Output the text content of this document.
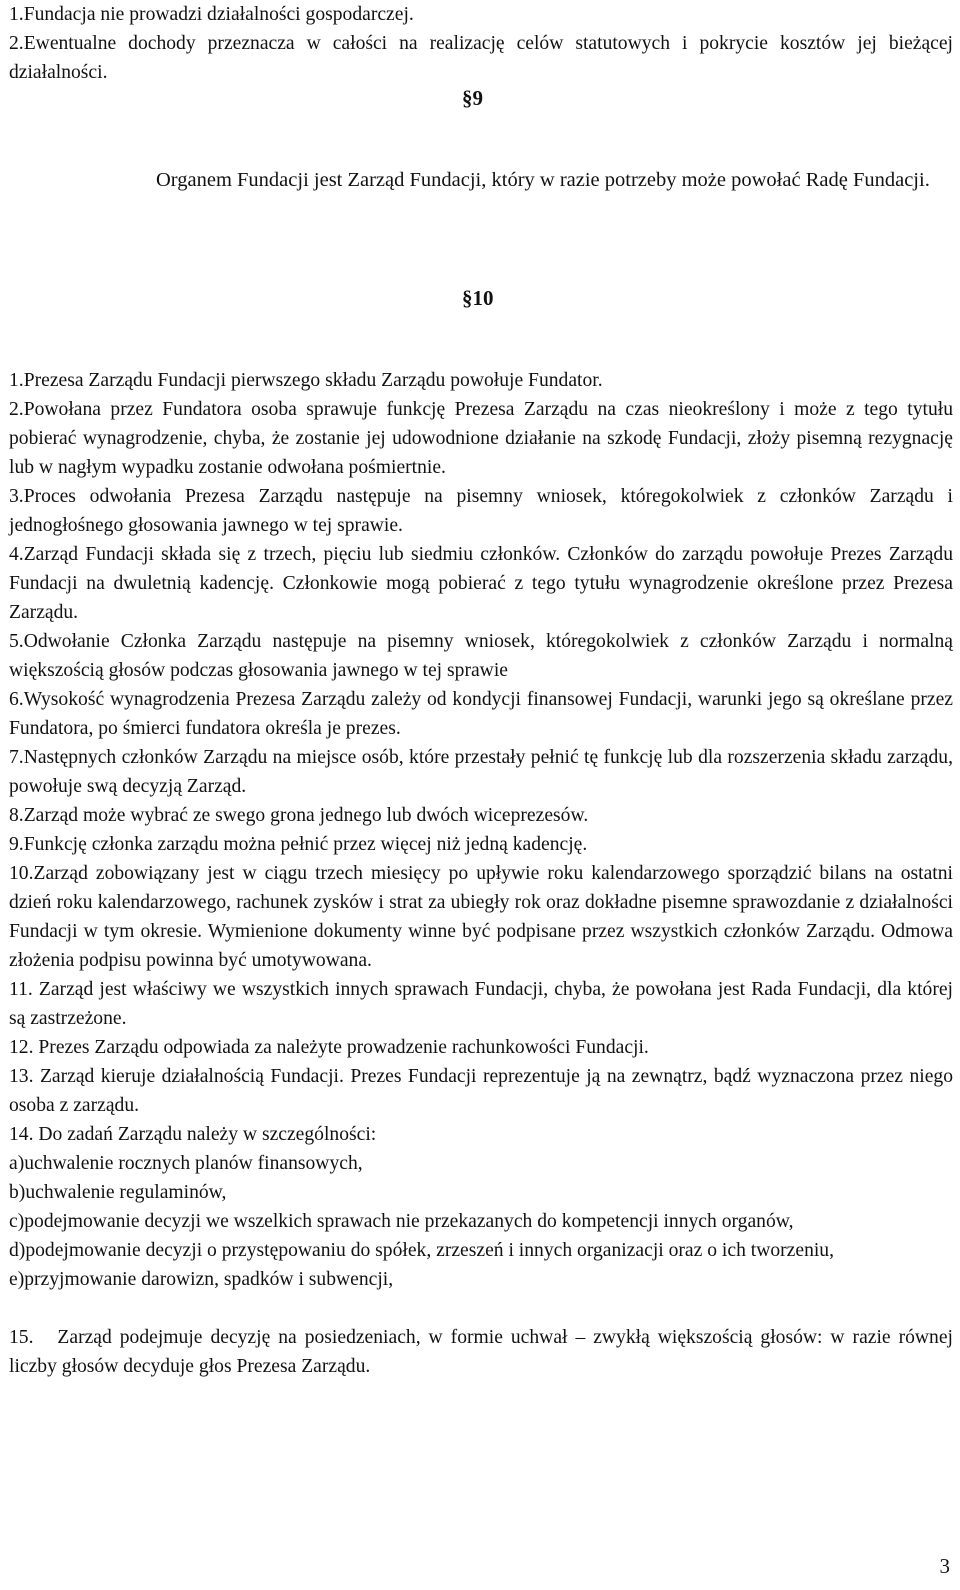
1.Fundacja nie prowadzi działalności gospodarczej.

2.Ewentualne dochody przeznacza w całości na realizację celów statutowych i pokrycie kosztów jej bieżącej działalności.

§9

Organem Fundacji jest Zarząd Fundacji, który w razie potrzeby może powołać Radę Fundacji.

§10

1.Prezesa Zarządu Fundacji pierwszego składu Zarządu powołuje Fundator.

2.Powołana przez Fundatora osoba sprawuje funkcję Prezesa Zarządu na czas nieokreślony i może z tego tytułu pobierać wynagrodzenie, chyba, że zostanie jej udowodnione działanie na szkodę Fundacji, złoży pisemną rezygnację lub w nagłym wypadku zostanie odwołana pośmiertnie.

3.Proces odwołania Prezesa Zarządu następuje na pisemny wniosek, któregokolwiek z członków Zarządu i jednogłośnego głosowania jawnego w tej sprawie.

4.Zarząd Fundacji składa się z trzech, pięciu lub siedmiu członków. Członków do zarządu powołuje Prezes Zarządu Fundacji na dwuletnią kadencję. Członkowie mogą pobierać z tego tytułu wynagrodzenie określone przez Prezesa Zarządu.

5.Odwołanie Członka Zarządu następuje na pisemny wniosek, któregokolwiek z członków Zarządu i normalną większością głosów podczas głosowania jawnego w tej sprawie

6.Wysokość wynagrodzenia Prezesa Zarządu zależy od kondycji finansowej Fundacji, warunki jego są określane przez Fundatora, po śmierci fundatora określa je prezes.

7.Następnych członków Zarządu na miejsce osób, które przestały pełnić tę funkcję lub dla rozszerzenia składu zarządu, powołuje swą decyzją Zarząd.

8.Zarząd może wybrać ze swego grona jednego lub dwóch wiceprezesów.

9.Funkcję członka zarządu można pełnić przez więcej niż jedną kadencję.

10.Zarząd zobowiązany jest w ciągu trzech miesięcy po upływie roku kalendarzowego sporządzić bilans na ostatni dzień roku kalendarzowego, rachunek zysków i strat za ubiegły rok oraz dokładne pisemne sprawozdanie z działalności Fundacji w tym okresie. Wymienione dokumenty winne być podpisane przez wszystkich członków Zarządu. Odmowa złożenia podpisu powinna być umotywowana.

11. Zarząd jest właściwy we wszystkich innych sprawach Fundacji, chyba, że powołana jest Rada Fundacji, dla której są zastrzeżone.

12. Prezes Zarządu odpowiada za należyte prowadzenie rachunkowości Fundacji.

13. Zarząd kieruje działalnością Fundacji. Prezes Fundacji reprezentuje ją na zewnątrz, bądź wyznaczona przez niego osoba z zarządu.

14. Do zadań Zarządu należy w szczególności:

a)uchwalenie rocznych planów finansowych,

b)uchwalenie regulaminów,

c)podejmowanie decyzji we wszelkich sprawach nie przekazanych do kompetencji innych organów,

d)podejmowanie decyzji o przystępowaniu do spółek, zrzeszeń i innych organizacji oraz o ich tworzeniu,

e)przyjmowanie darowizn, spadków i subwencji,

15.   Zarząd podejmuje decyzję na posiedzeniach, w formie uchwał – zwykłą większością głosów: w razie równej liczby głosów decyduje głos Prezesa Zarządu.

3
